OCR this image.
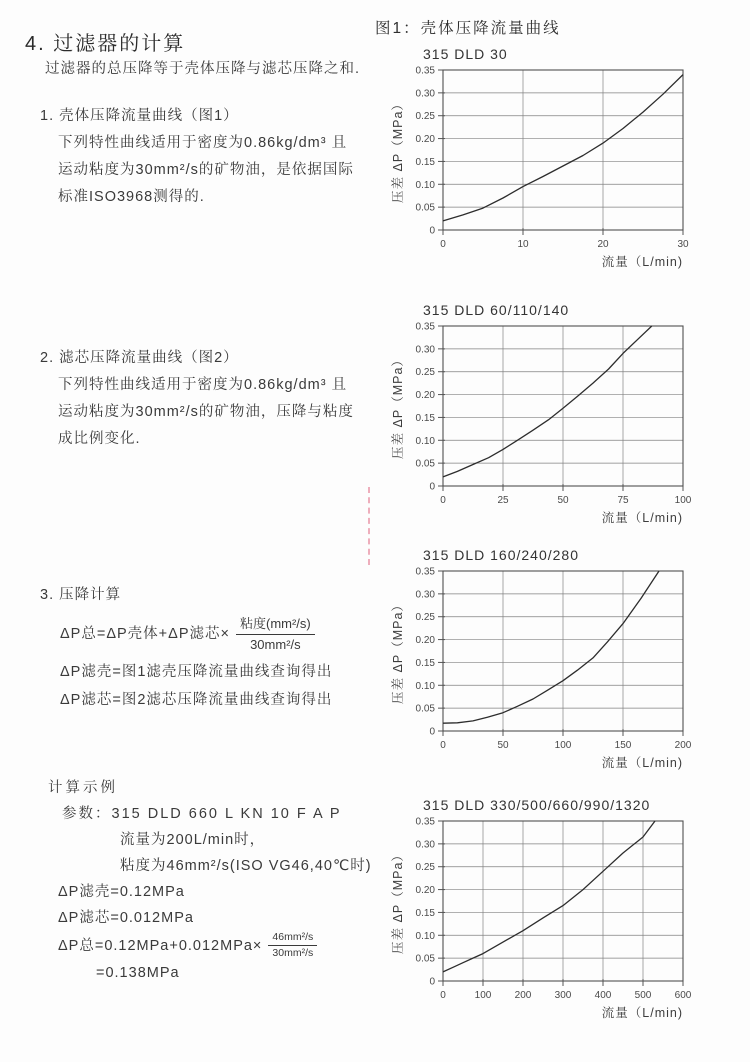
4. 过滤器的计算
过滤器的总压降等于壳体压降与滤芯压降之和.
1. 壳体压降流量曲线（图1）
下列特性曲线适用于密度为0.86kg/dm³ 且
运动粘度为30mm²/s的矿物油，是依据国际
标准ISO3968测得的.
2. 滤芯压降流量曲线（图2）
下列特性曲线适用于密度为0.86kg/dm³ 且
运动粘度为30mm²/s的矿物油，压降与粘度
成比例变化.
3. 压降计算
ΔP总=ΔP壳体+ΔP滤芯× $\frac{\text{粘度(mm²/s)}}{\text{30mm²/s}}$
ΔP滤壳=图1滤壳压降流量曲线查询得出
ΔP滤芯=图2滤芯压降流量曲线查询得出
计算示例
参数：315 DLD 660 L KN 10 F A P
流量为200L/min时，
粘度为46mm²/s(ISO VG46,40℃时)
ΔP滤壳=0.12MPa
ΔP滤芯=0.012MPa
ΔP总$=0.12MPa+0.012MPa\times \frac{\text{46mm²/s}}{\text{30mm²/s}}$
=0.138MPa
图1：壳体压降流量曲线
315 DLD 30
0
0.05
0.10
0.15
0.20
0.25
0.30
0.35
0	10	20	30
压差 ΔP（MPa）
流量（L/min)
315 DLD 60/110/140
0
0.05
0.10
0.15
0.20
0.25
0.30
0.35
0	25	50	75	100
压差 ΔP（MPa）
流量（L/min)
315 DLD 160/240/280
0
0.05
0.10
0.15
0.20
0.25
0.30
0.35
0	50	100	150	200
压差 ΔP（MPa）
流量（L/min)
315 DLD 330/500/660/990/1320
0
0.05
0.10
0.15
0.20
0.25
0.30
0.35
0	100 200 300 400 500 600
压差 ΔP（MPa）
流量（L/min)
